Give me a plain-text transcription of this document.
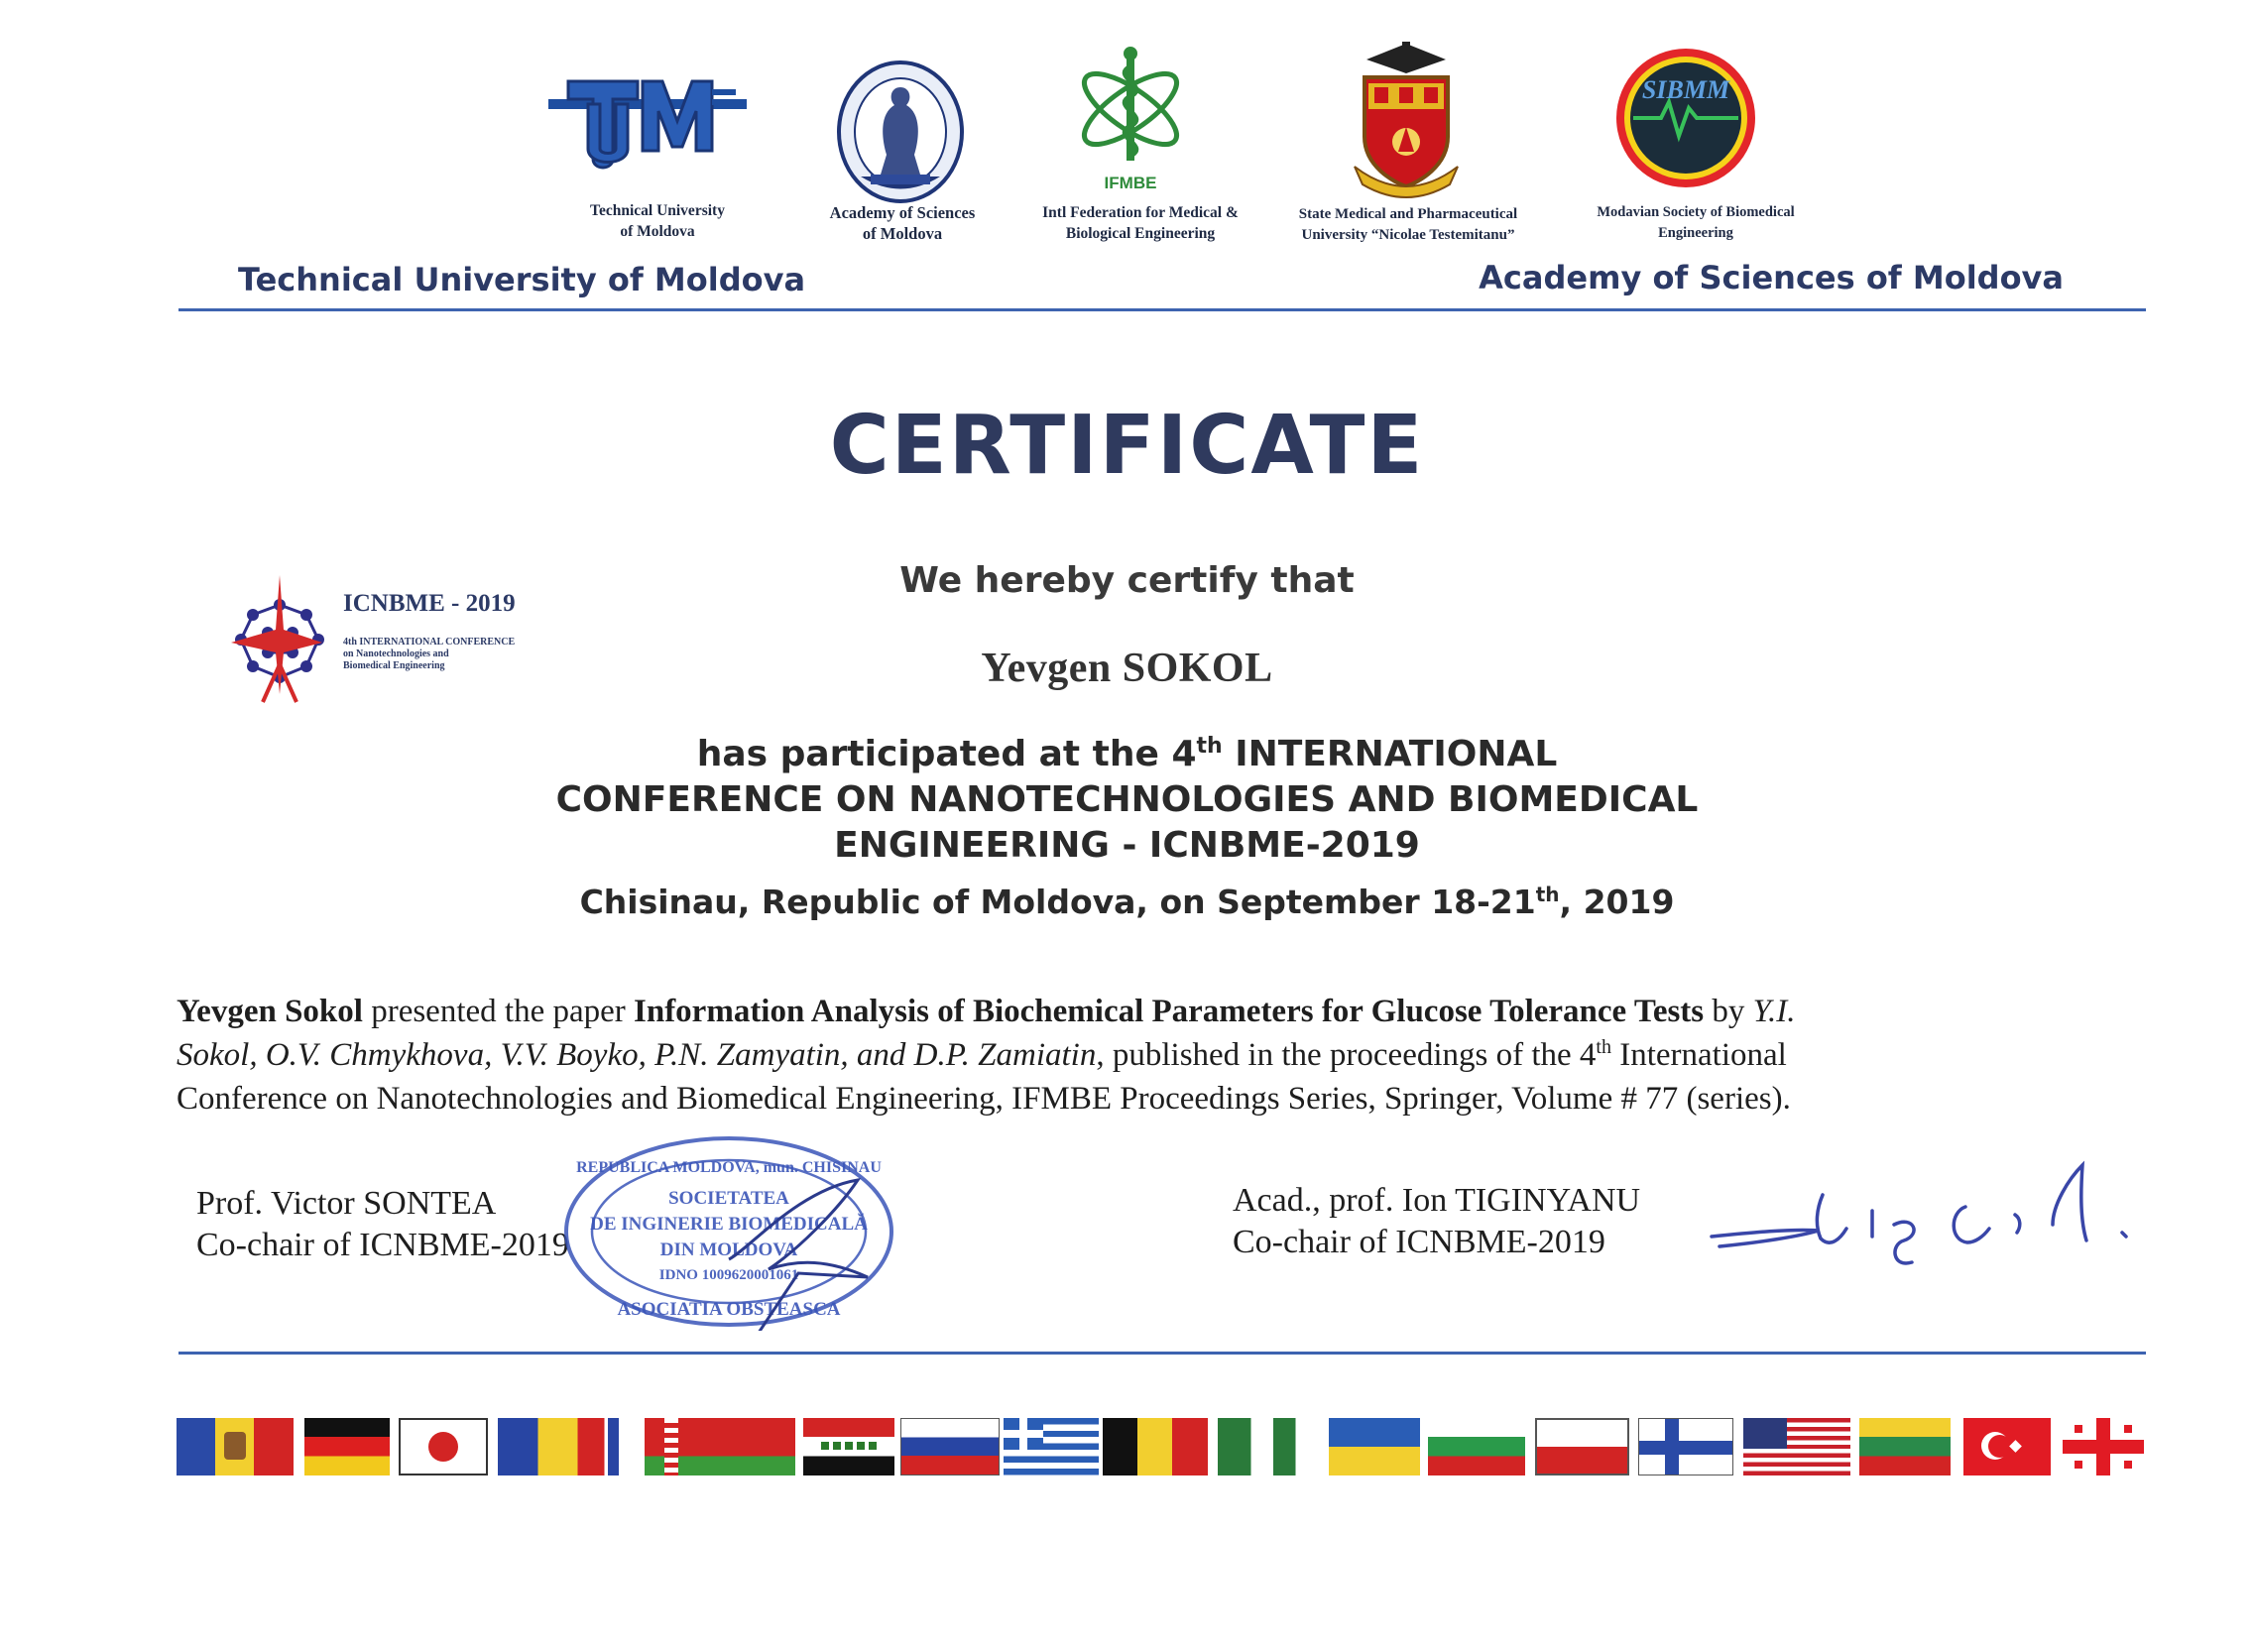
Technical University
of Moldova
Academy of Sciences
of Moldova
IFMBE
Intl Federation for Medical &
Biological Engineering
State Medical and Pharmaceutical
University “Nicolae Testemitanu”
SIBMM
Modavian Society of Biomedical
Engineering
Technical University of Moldova	Academy of Sciences of Moldova
CERTIFICATE
ICNBME - 2019
4th INTERNATIONAL CONFERENCE
on Nanotechnologies and
Biomedical Engineering
We hereby certify that
Yevgen SOKOL
has participated at the 4th INTERNATIONAL
CONFERENCE ON NANOTECHNOLOGIES AND BIOMEDICAL
ENGINEERING - ICNBME-2019
Chisinau, Republic of Moldova, on September 18-21th, 2019
Yevgen Sokol presented the paper Information Analysis of Biochemical Parameters for Glucose Tolerance Tests by Y.I.
Sokol, O.V. Chmykhova, V.V. Boyko, P.N. Zamyatin, and D.P. Zamiatin, published in the proceedings of the 4th International
Conference on Nanotechnologies and Biomedical Engineering, IFMBE Proceedings Series, Springer, Volume # 77 (series).
Prof. Victor SONTEA
Co-chair of ICNBME-2019
REPUBLICA MOLDOVA, mun. CHISINAU
SOCIETATEA
DE INGINERIE BIOMEDICALĂ
DIN MOLDOVA
IDNO 1009620001061
ASOCIATIA OBSTEASCA
Acad., prof. Ion TIGINYANU
Co-chair of ICNBME-2019
